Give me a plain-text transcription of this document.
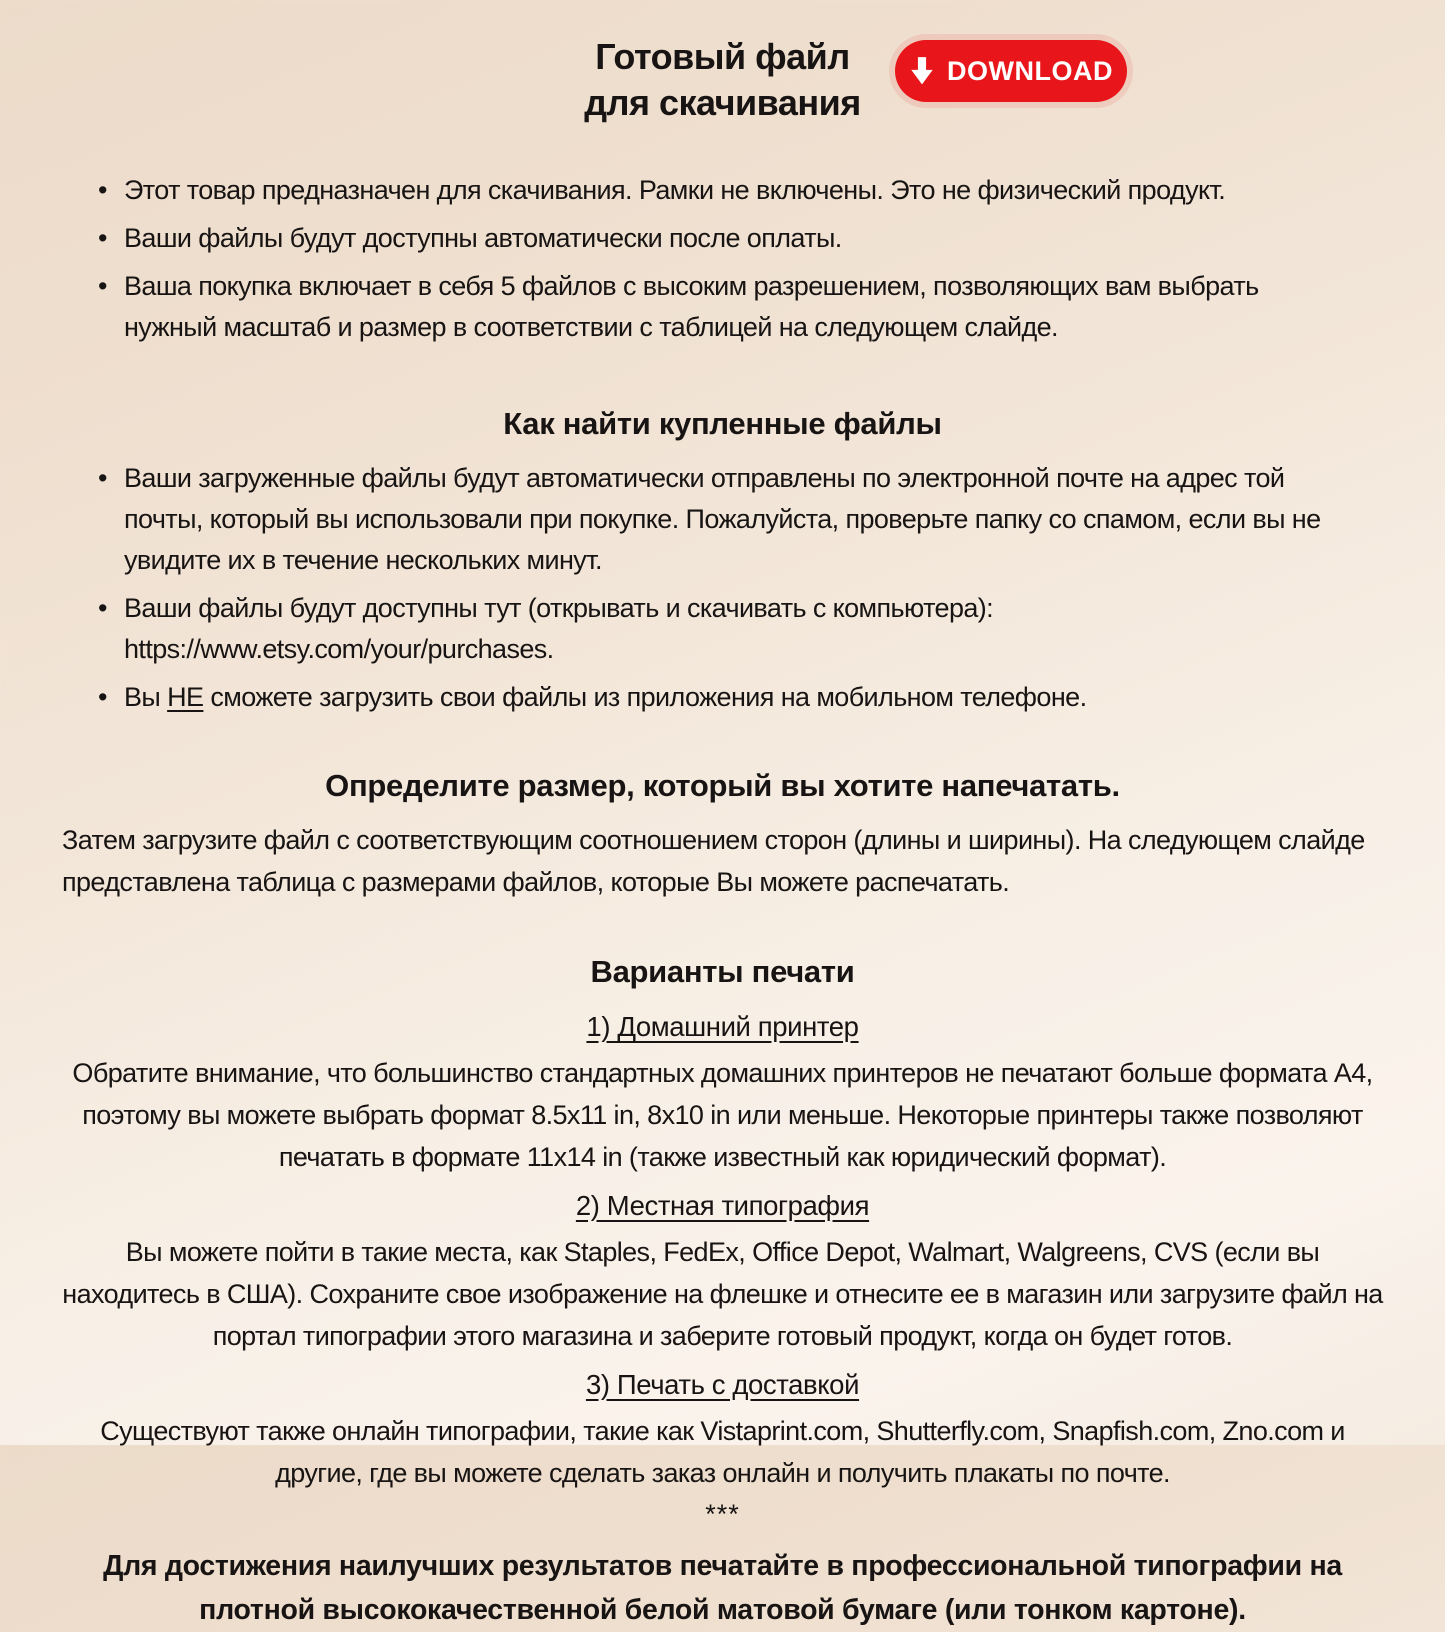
Готовый файл
для скачивания
DOWNLOAD
• Этот товар предназначен для скачивания. Рамки не включены. Это не физический продукт.
• Ваши файлы будут доступны автоматически после оплаты.
• Ваша покупка включает в себя 5 файлов с высоким разрешением, позволяющих вам выбрать нужный масштаб и размер в соответствии с таблицей на следующем слайде.
Как найти купленные файлы
• Ваши загруженные файлы будут автоматически отправлены по электронной почте на адрес той почты, который вы использовали при покупке. Пожалуйста, проверьте папку со спамом, если вы не увидите их в течение нескольких минут.
• Ваши файлы будут доступны тут (открывать и скачивать с компьютера):
https://www.etsy.com/your/purchases.
• Вы НЕ сможете загрузить свои файлы из приложения на мобильном телефоне.
Определите размер, который вы хотите напечатать.

Затем загрузите файл с соответствующим соотношением сторон (длины и ширины). На следующем слайде представлена таблица с размерами файлов, которые Вы можете распечатать.

Варианты печати
1) Домашний принтер

Обратите внимание, что большинство стандартных домашних принтеров не печатают больше формата А4, поэтому вы можете выбрать формат 8.5x11 in, 8x10 in или меньше. Некоторые принтеры также позволяют печатать в формате 11x14 in (также известный как юридический формат).

2) Местная типография

Вы можете пойти в такие места, как Staples, FedEx, Office Depot, Walmart, Walgreens, CVS (если вы находитесь в США). Сохраните свое изображение на флешке и отнесите ее в магазин или загрузите файл на портал типографии этого магазина и заберите готовый продукт, когда он будет готов.

3) Печать с доставкой

Существуют также онлайн типографии, такие как Vistaprint.com, Shutterfly.com, Snapfish.com, Zno.com и другие, где вы можете сделать заказ онлайн и получить плакаты по почте.

***

Для достижения наилучших результатов печатайте в профессиональной типографии на плотной высококачественной белой матовой бумаге (или тонком картоне).
